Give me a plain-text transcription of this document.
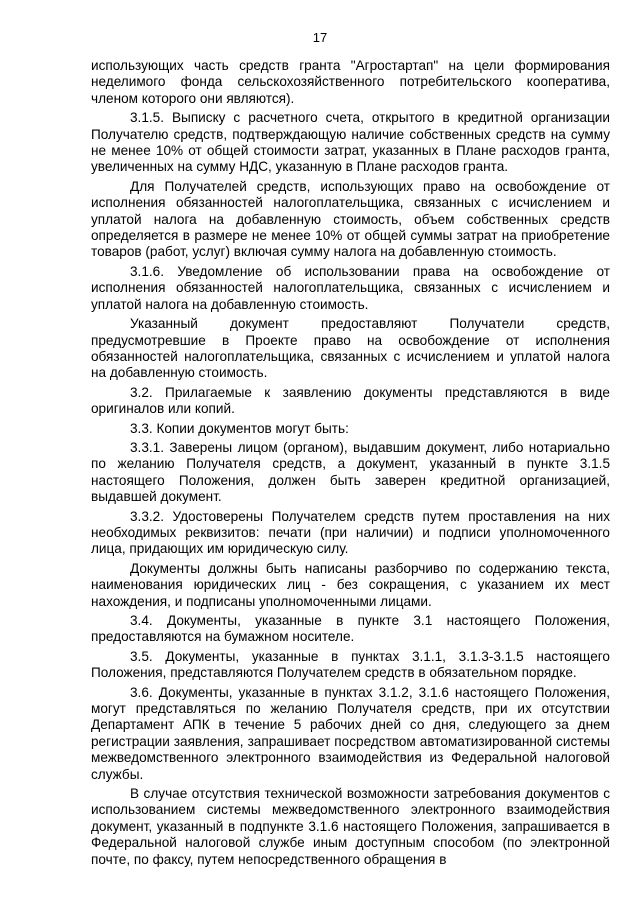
17

использующих часть средств гранта "Агростартап" на цели формирования неделимого фонда сельскохозяйственного потребительского кооператива, членом которого они являются).

3.1.5. Выписку с расчетного счета, открытого в кредитной организации Получателю средств, подтверждающую наличие собственных средств на сумму не менее 10% от общей стоимости затрат, указанных в Плане расходов гранта, увеличенных на сумму НДС, указанную в Плане расходов гранта.

Для Получателей средств, использующих право на освобождение от исполнения обязанностей налогоплательщика, связанных с исчислением и уплатой налога на добавленную стоимость, объем собственных средств определяется в размере не менее 10% от общей суммы затрат на приобретение товаров (работ, услуг) включая сумму налога на добавленную стоимость.

3.1.6. Уведомление об использовании права на освобождение от исполнения обязанностей налогоплательщика, связанных с исчислением и уплатой налога на добавленную стоимость.

Указанный документ предоставляют Получатели средств, предусмотревшие в Проекте право на освобождение от исполнения обязанностей налогоплательщика, связанных с исчислением и уплатой налога на добавленную стоимость.

3.2. Прилагаемые к заявлению документы представляются в виде оригиналов или копий.

3.3. Копии документов могут быть:

3.3.1. Заверены лицом (органом), выдавшим документ, либо нотариально по желанию Получателя средств, а документ, указанный в пункте 3.1.5 настоящего Положения, должен быть заверен кредитной организацией, выдавшей документ.

3.3.2. Удостоверены Получателем средств путем проставления на них необходимых реквизитов: печати (при наличии) и подписи уполномоченного лица, придающих им юридическую силу.

Документы должны быть написаны разборчиво по содержанию текста, наименования юридических лиц - без сокращения, с указанием их мест нахождения, и подписаны уполномоченными лицами.

3.4. Документы, указанные в пункте 3.1 настоящего Положения, предоставляются на бумажном носителе.

3.5. Документы, указанные в пунктах 3.1.1, 3.1.3-3.1.5 настоящего Положения, представляются Получателем средств в обязательном порядке.

3.6. Документы, указанные в пунктах 3.1.2, 3.1.6 настоящего Положения, могут представляться по желанию Получателя средств, при их отсутствии Департамент АПК в течение 5 рабочих дней со дня, следующего за днем регистрации заявления, запрашивает посредством автоматизированной системы межведомственного электронного взаимодействия из Федеральной налоговой службы.

В случае отсутствия технической возможности затребования документов с использованием системы межведомственного электронного взаимодействия документ, указанный в подпункте 3.1.6 настоящего Положения, запрашивается в Федеральной налоговой службе иным доступным способом (по электронной почте, по факсу, путем непосредственного обращения в
